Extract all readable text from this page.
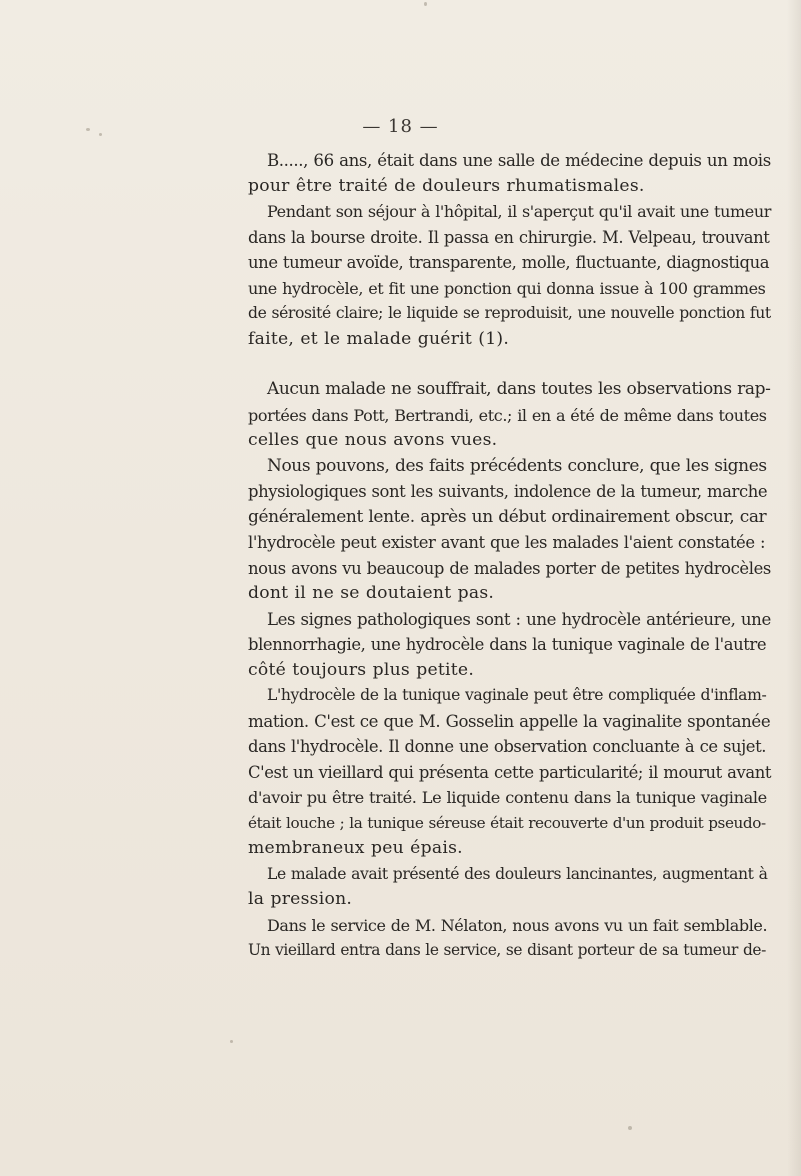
— 18 —
B....., 66 ans, était dans une salle de médecine depuis un mois
pour être traité de douleurs rhumatismales.
Pendant son séjour à l'hôpital, il s'aperçut qu'il avait une tumeur
dans la bourse droite. Il passa en chirurgie. M. Velpeau, trouvant
une tumeur avoïde, transparente, molle, fluctuante, diagnostiqua
une hydrocèle, et fit une ponction qui donna issue à 100 grammes
de sérosité claire; le liquide se reproduisit, une nouvelle ponction fut
faite, et le malade guérit (1).
Aucun malade ne souffrait, dans toutes les observations rap-
portées dans Pott, Bertrandi, etc.; il en a été de même dans toutes
celles que nous avons vues.
Nous pouvons, des faits précédents conclure, que les signes
physiologiques sont les suivants, indolence de la tumeur, marche
généralement lente. après un début ordinairement obscur, car
l'hydrocèle peut exister avant que les malades l'aient constatée :
nous avons vu beaucoup de malades porter de petites hydrocèles
dont il ne se doutaient pas.
Les signes pathologiques sont : une hydrocèle antérieure, une
blennorrhagie, une hydrocèle dans la tunique vaginale de l'autre
côté toujours plus petite.
L'hydrocèle de la tunique vaginale peut être compliquée d'inflam-
mation. C'est ce que M. Gosselin appelle la vaginalite spontanée
dans l'hydrocèle. Il donne une observation concluante à ce sujet.
C'est un vieillard qui présenta cette particularité; il mourut avant
d'avoir pu être traité. Le liquide contenu dans la tunique vaginale
était louche ; la tunique séreuse était recouverte d'un produit pseudo-
membraneux peu épais.
Le malade avait présenté des douleurs lancinantes, augmentant à
la pression.
Dans le service de M. Nélaton, nous avons vu un fait semblable.
Un vieillard entra dans le service, se disant porteur de sa tumeur de-
